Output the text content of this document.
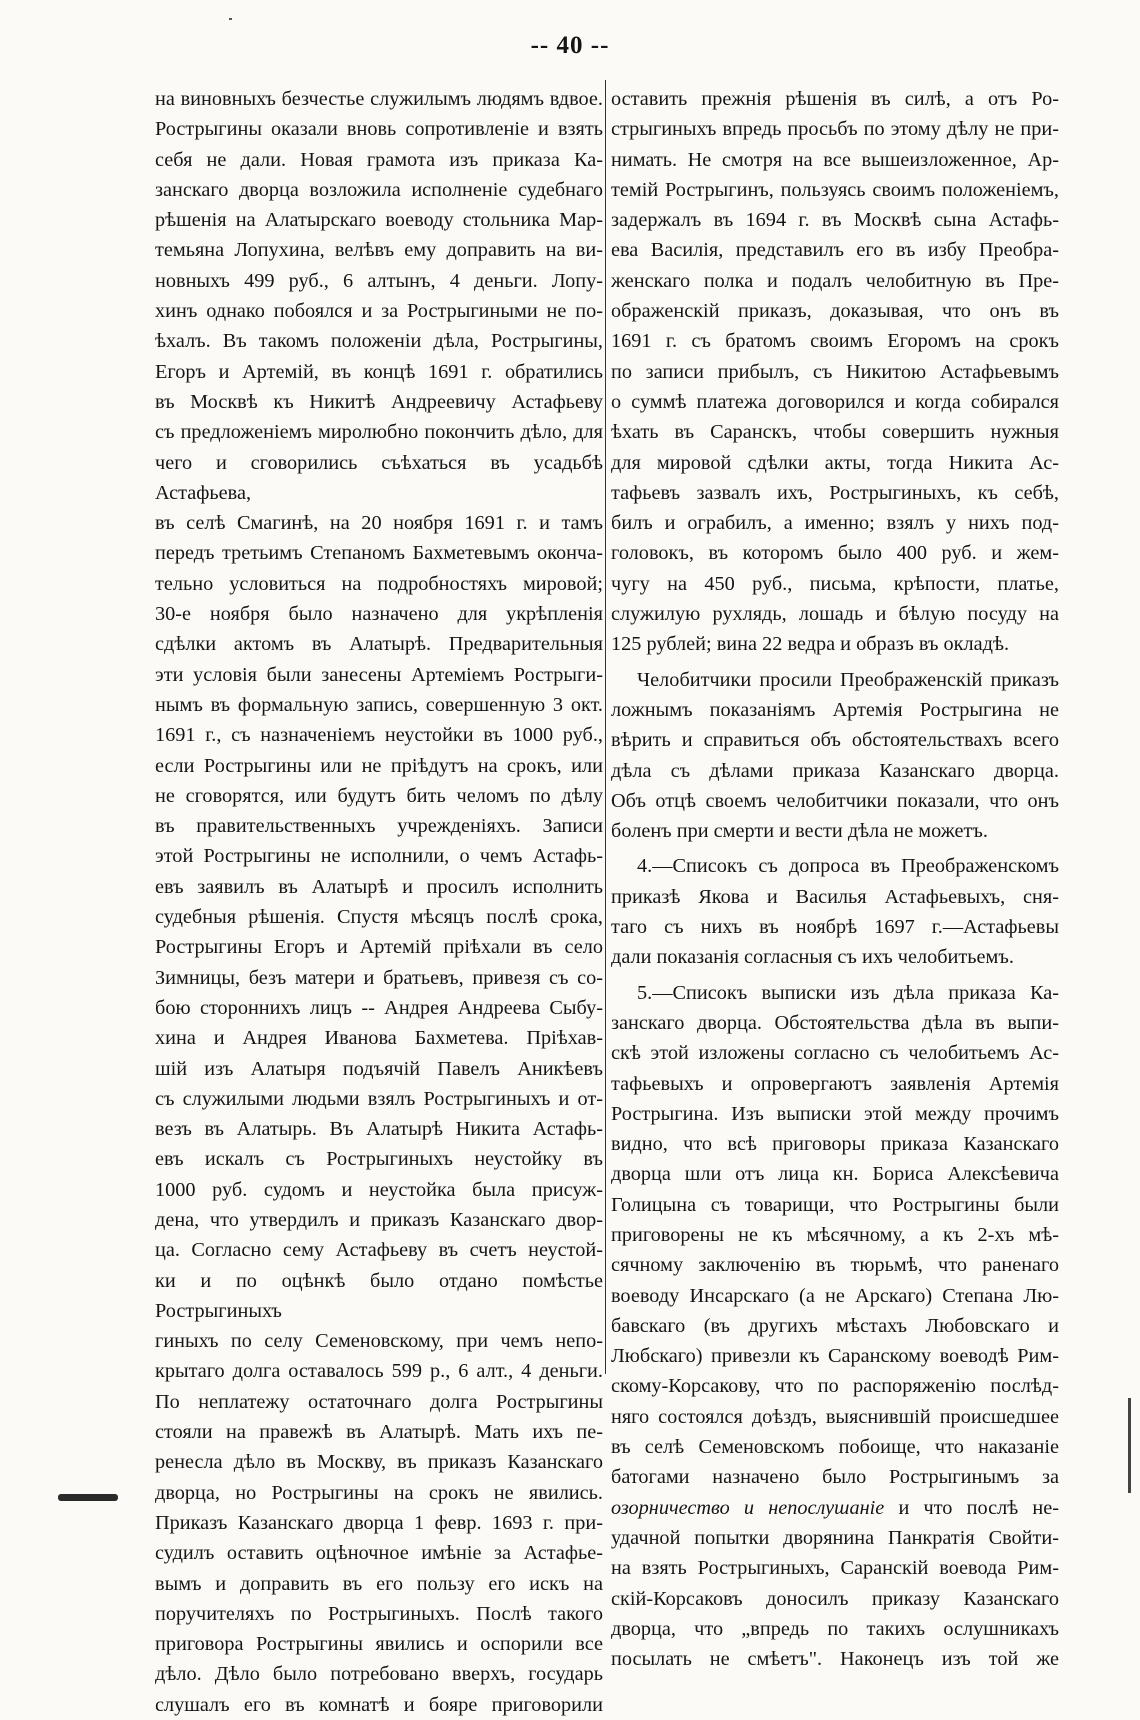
-- 40 --

на виновныхъ безчестье служилымъ людямъ вдвое.

Рострыгины оказали вновь сопротивленіе и взять

себя не дали. Новая грамота изъ приказа Ка-

занскаго дворца возложила исполненіе судебнаго

рѣшенія на Алатырскаго воеводу стольника Мар-

темьяна Лопухина, велѣвъ ему доправить на ви-

новныхъ 499 руб., 6 алтынъ, 4 деньги. Лопу-

хинъ однако побоялся и за Рострыгиными не по-

ѣхалъ. Въ такомъ положеніи дѣла, Рострыгины,

Егоръ и Артемій, въ концѣ 1691 г. обратились

въ Москвѣ къ Никитѣ Андреевичу Астафьеву

съ предложеніемъ миролюбно покончить дѣло, для

чего и сговорились съѣхаться въ усадьбѣ Астафьева,

въ селѣ Смагинѣ, на 20 ноября 1691 г. и тамъ

передъ третьимъ Степаномъ Бахметевымъ оконча-

тельно условиться на подробностяхъ мировой;

30-е ноября было назначено для укрѣпленія

сдѣлки актомъ въ Алатырѣ. Предварительныя

эти условія были занесены Артеміемъ Рострыги-

нымъ въ формальную запись, совершенную 3 окт.

1691 г., съ назначеніемъ неустойки въ 1000 руб.,

если Рострыгины или не пріѣдутъ на срокъ, или

не сговорятся, или будутъ бить челомъ по дѣлу

въ правительственныхъ учрежденіяхъ. Записи

этой Рострыгины не исполнили, о чемъ Астафь-

евъ заявилъ въ Алатырѣ и просилъ исполнить

судебныя рѣшенія. Спустя мѣсяцъ послѣ срока,

Рострыгины Егоръ и Артемій пріѣхали въ село

Зимницы, безъ матери и братьевъ, привезя съ со-

бою стороннихъ лицъ -- Андрея Андреева Сыбу-

хина и Андрея Иванова Бахметева. Пріѣхав-

шій изъ Алатыря подъячій Павелъ Аникѣевъ

съ служилыми людьми взялъ Рострыгиныхъ и от-

везъ въ Алатырь. Въ Алатырѣ Никита Астафь-

евъ искалъ съ Рострыгиныхъ неустойку въ

1000 руб. судомъ и неустойка была присуж-

дена, что утвердилъ и приказъ Казанскаго двор-

ца. Согласно сему Астафьеву въ счетъ неустой-

ки и по оцѣнкѣ было отдано помѣстье Рострыгиныхъ

гиныхъ по селу Семеновскому, при чемъ непо-

крытаго долга оставалось 599 р., 6 алт., 4 деньги.

По неплатежу остаточнаго долга Рострыгины

стояли на правежѣ въ Алатырѣ. Мать ихъ пе-

ренесла дѣло въ Москву, въ приказъ Казанскаго

дворца, но Рострыгины на срокъ не явились.

Приказъ Казанскаго дворца 1 февр. 1693 г. при-

судилъ оставить оцѣночное имѣніе за Астафье-

вымъ и доправить въ его пользу его искъ на

поручителяхъ по Рострыгиныхъ. Послѣ такого

приговора Рострыгины явились и оспорили все

дѣло. Дѣло было потребовано вверхъ, государь

слушалъ его въ комнатѣ и бояре приговорили

оставить прежнія рѣшенія въ силѣ, а отъ Ро-

стрыгиныхъ впредь просьбъ по этому дѣлу не при-

нимать. Не смотря на все вышеизложенное, Ар-

темій Рострыгинъ, пользуясь своимъ положеніемъ,

задержалъ въ 1694 г. въ Москвѣ сына Астафь-

ева Василія, представилъ его въ избу Преобра-

женскаго полка и подалъ челобитную въ Пре-

ображенскій приказъ, доказывая, что онъ въ

1691 г. съ братомъ своимъ Егоромъ на срокъ

по записи прибылъ, съ Никитою Астафьевымъ

о суммѣ платежа договорился и когда собирался

ѣхать въ Саранскъ, чтобы совершить нужныя

для мировой сдѣлки акты, тогда Никита Ас-

тафьевъ зазвалъ ихъ, Рострыгиныхъ, къ себѣ,

билъ и ограбилъ, а именно; взялъ у нихъ под-

головокъ, въ которомъ было 400 руб. и жем-

чугу на 450 руб., письма, крѣпости, платье,

служилую рухлядь, лошадь и бѣлую посуду на

125 рублей; вина 22 ведра и образъ въ окладѣ.

Челобитчики просили Преображенскій приказъ

ложнымъ показаніямъ Артемія Рострыгина не

вѣрить и справиться объ обстоятельствахъ всего

дѣла съ дѣлами приказа Казанскаго дворца.

Объ отцѣ своемъ челобитчики показали, что онъ

боленъ при смерти и вести дѣла не можетъ.

4.—Списокъ съ допроса въ Преображенскомъ

приказѣ Якова и Василья Астафьевыхъ, сня-

таго съ нихъ въ ноябрѣ 1697 г.—Астафьевы

дали показанія согласныя съ ихъ челобитьемъ.

5.—Списокъ выписки изъ дѣла приказа Ка-

занскаго дворца. Обстоятельства дѣла въ выпи-

скѣ этой изложены согласно съ челобитьемъ Ас-

тафьевыхъ и опровергаютъ заявленія Артемія

Рострыгина. Изъ выписки этой между прочимъ

видно, что всѣ приговоры приказа Казанскаго

дворца шли отъ лица кн. Бориса Алексѣевича

Голицына съ товарищи, что Рострыгины были

приговорены не къ мѣсячному, а къ 2-хъ мѣ-

сячному заключенію въ тюрьмѣ, что раненаго

воеводу Инсарскаго (а не Арскаго) Степана Лю-

бавскаго (въ другихъ мѣстахъ Любовскаго и

Любскаго) привезли къ Саранскому воеводѣ Рим-

скому-Корсакову, что по распоряженію послѣд-

няго состоялся доѣздъ, выяснившій происшедшее

въ селѣ Семеновскомъ побоище, что наказаніе

батогами назначено было Рострыгинымъ за озорничество и непослушаніе и что послѣ не-

удачной попытки дворянина Панкратія Свойти-

на взять Рострыгиныхъ, Саранскій воевода Рим-

скій-Корсаковъ доносилъ приказу Казанскаго

дворца, что „впредь по такихъ ослушникахъ

посылать не смѣетъ". Наконецъ изъ той же
